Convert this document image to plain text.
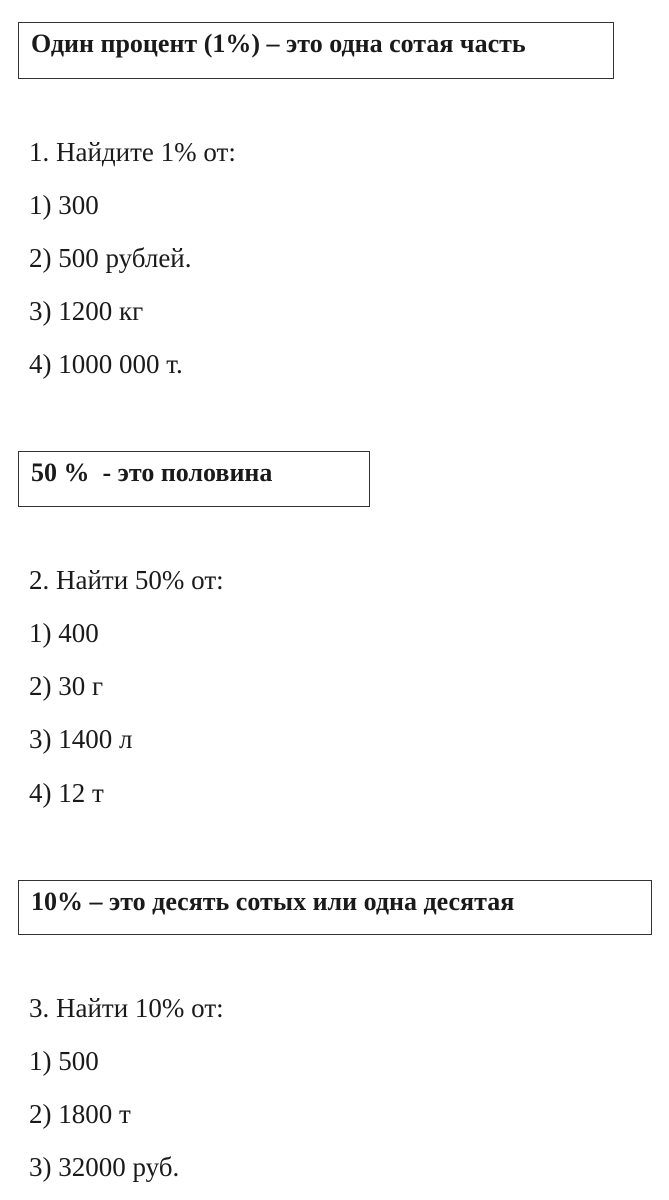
Один процент (1%) – это одна сотая часть
1. Найдите 1% от:
1) 300
2) 500 рублей.
3) 1200 кг
4) 1000 000 т.
50 %  - это половина
2. Найти 50% от:
1) 400
2) 30 г
3) 1400 л
4) 12 т
10% – это десять сотых или одна десятая
3. Найти 10% от:
1) 500
2) 1800 т
3) 32000 руб.
